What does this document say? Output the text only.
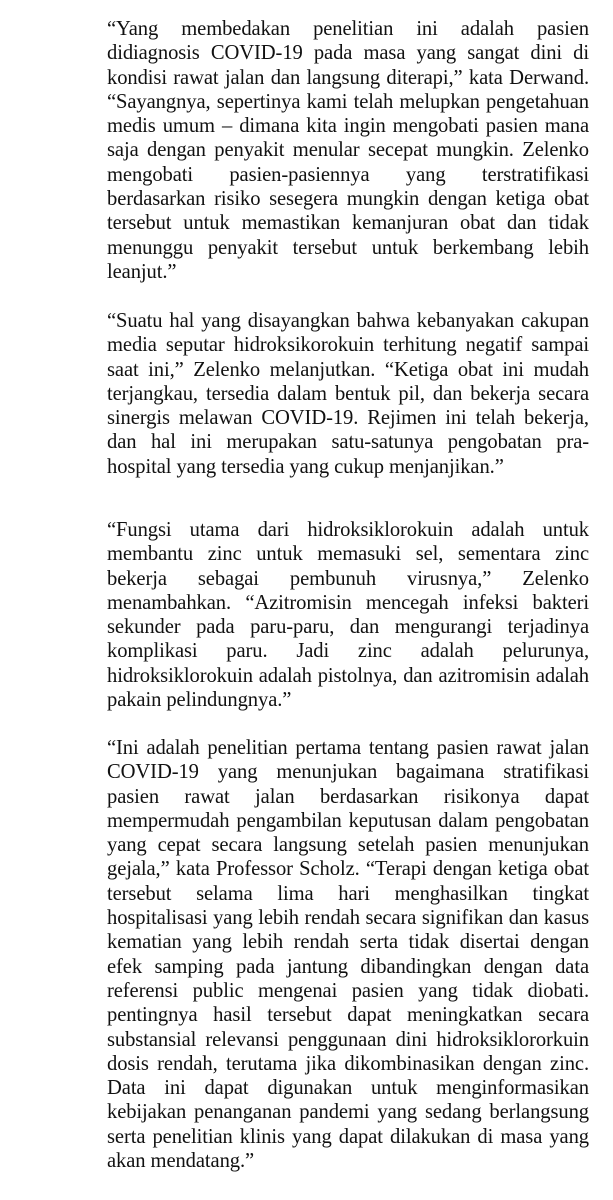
“Yang membedakan penelitian ini adalah pasien didiagnosis COVID-19 pada masa yang sangat dini di kondisi rawat jalan dan langsung diterapi,” kata Derwand. “Sayangnya, sepertinya kami telah melupkan pengetahuan medis umum – dimana kita ingin mengobati pasien mana saja dengan penyakit menular secepat mungkin. Zelenko mengobati pasien-pasiennya yang terstratifikasi berdasarkan risiko sesegera mungkin dengan ketiga obat tersebut untuk memastikan kemanjuran obat dan tidak menunggu penyakit tersebut untuk berkembang lebih leanjut.”

“Suatu hal yang disayangkan bahwa kebanyakan cakupan media seputar hidroksikorokuin terhitung negatif sampai saat ini,” Zelenko melanjutkan. “Ketiga obat ini mudah terjangkau, tersedia dalam bentuk pil, dan bekerja secara sinergis melawan COVID-19. Rejimen ini telah bekerja, dan hal ini merupakan satu-satunya pengobatan pra-hospital yang tersedia yang cukup menjanjikan.”

“Fungsi utama dari hidroksiklorokuin adalah untuk membantu zinc untuk memasuki sel, sementara zinc bekerja sebagai pembunuh virusnya,” Zelenko menambahkan. “Azitromisin mencegah infeksi bakteri sekunder pada paru-paru, dan mengurangi terjadinya komplikasi paru. Jadi zinc adalah pelurunya, hidroksiklorokuin adalah pistolnya, dan azitromisin adalah pakain pelindungnya.”

“Ini adalah penelitian pertama tentang pasien rawat jalan COVID-19 yang menunjukan bagaimana stratifikasi pasien rawat jalan berdasarkan risikonya dapat mempermudah pengambilan keputusan dalam pengobatan yang cepat secara langsung setelah pasien menunjukan gejala,” kata Professor Scholz. “Terapi dengan ketiga obat tersebut selama lima hari menghasilkan tingkat hospitalisasi yang lebih rendah secara signifikan dan kasus kematian yang lebih rendah serta tidak disertai dengan efek samping pada jantung dibandingkan dengan data referensi public mengenai pasien yang tidak diobati. pentingnya hasil tersebut dapat meningkatkan secara substansial relevansi penggunaan dini hidroksiklororkuin dosis rendah, terutama jika dikombinasikan dengan zinc. Data ini dapat digunakan untuk menginformasikan kebijakan penanganan pandemi yang sedang berlangsung serta penelitian klinis yang dapat dilakukan di masa yang akan mendatang.”
